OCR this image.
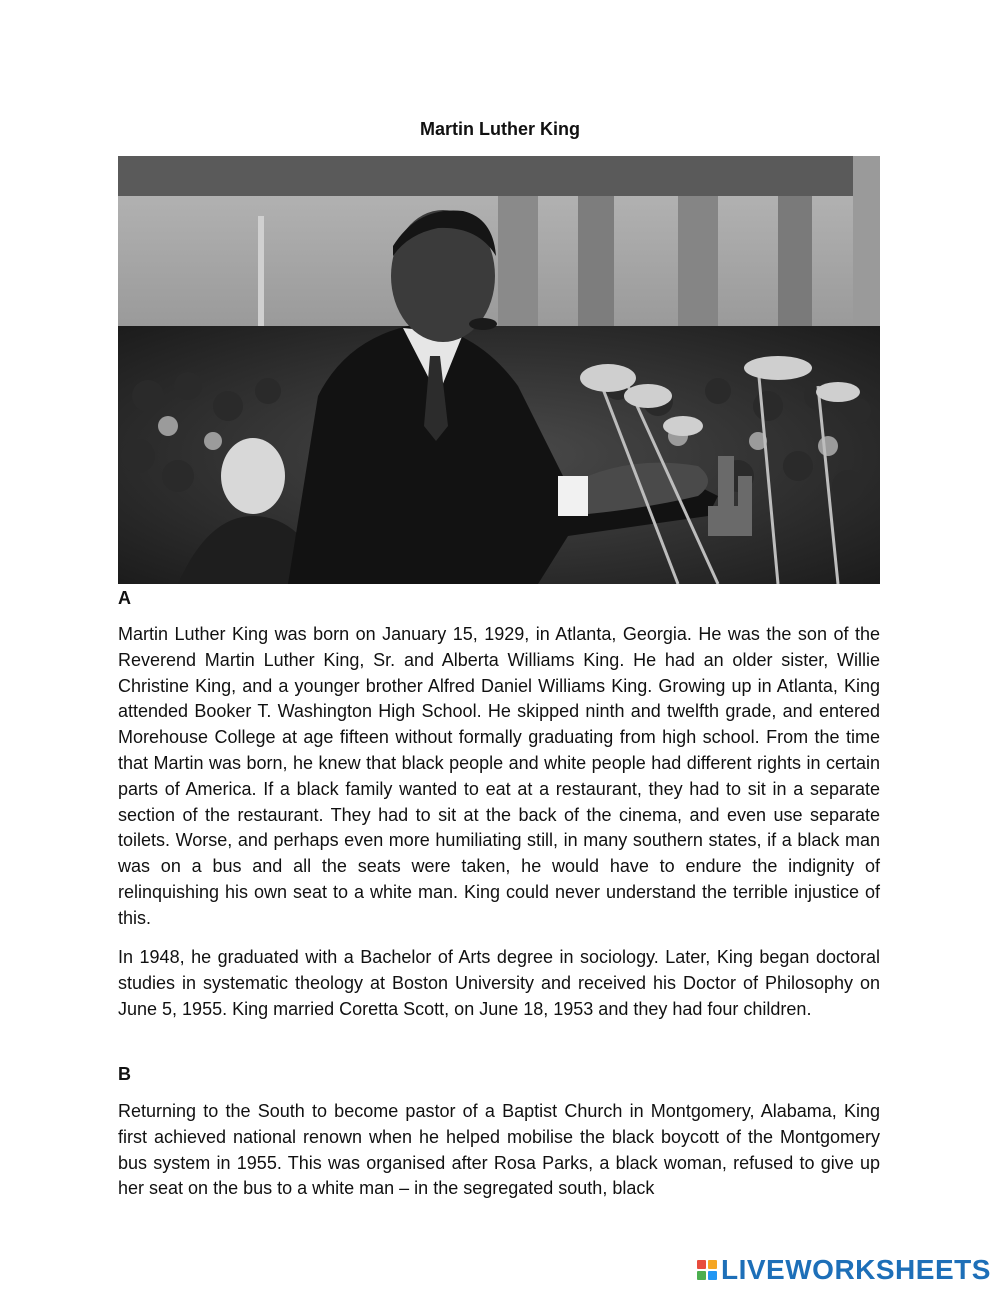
Martin Luther King
A

Martin Luther King was born on January 15, 1929, in Atlanta, Georgia. He was the son of the Reverend Martin Luther King, Sr. and Alberta Williams King. He had an older sister, Willie Christine King, and a younger brother Alfred Daniel Williams King. Growing up in Atlanta, King attended Booker T. Washington High School. He skipped ninth and twelfth grade, and entered Morehouse College at age fifteen without formally graduating from high school. From the time that Martin was born, he knew that black people and white people had different rights in certain parts of America. If a black family wanted to eat at a restaurant, they had to sit in a separate section of the restaurant. They had to sit at the back of the cinema, and even use separate toilets. Worse, and perhaps even more humiliating still, in many southern states, if a black man was on a bus and all the seats were taken, he would have to endure the indignity of relinquishing his own seat to a white man. King could never understand the terrible injustice of this.

In 1948, he graduated with a Bachelor of Arts degree in sociology. Later, King began doctoral studies in systematic theology at Boston University and received his Doctor of Philosophy on June 5, 1955. King married Coretta Scott, on June 18, 1953 and they had four children.

B

Returning to the South to become pastor of a Baptist Church in Montgomery, Alabama, King first achieved national renown when he helped mobilise the black boycott of the Montgomery bus system in 1955. This was organised after Rosa Parks, a black woman, refused to give up her seat on the bus to a white man – in the segregated south, black

LIVEWORKSHEETS
